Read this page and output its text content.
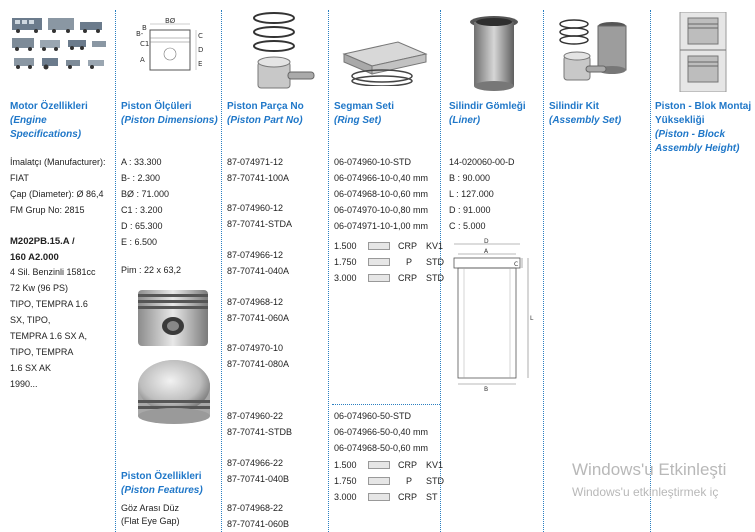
Motor Özellikleri
(Engine Specifications)
İmalatçı (Manufacturer):
FIAT
Çap (Diameter): Ø 86,4
FM Grup No: 2815
M202PB.15.A /
160 A2.000
4 Sil. Benzinli 1581cc
72 Kw (96 PS)
TIPO, TEMPRA 1.6
SX, TIPO,
TEMPRA 1.6 SX A,
TIPO, TEMPRA
1.6 SX AK
1990...
BØ
B-
C1
C
D
A	E
B
Piston Ölçüleri
(Piston Dimensions)
A : 33.300
B- : 2.300
BØ : 71.000
C1 : 3.200
D : 65.300
E : 6.500
Pim : 22 x 63,2
Piston Özellikleri
(Piston Features)
Göz Arası Düz
(Flat Eye Gap)
Piston Parça No
(Piston Part No)
87-074971-12
87-70741-100A
87-074960-12
87-70741-STDA
87-074966-12
87-70741-040A
87-074968-12
87-70741-060A
87-074970-10
87-70741-080A
87-074960-22
87-70741-STDB
87-074966-22
87-70741-040B
87-074968-22
87-70741-060B
Segman Seti
(Ring Set)
06-074960-10-STD
06-074966-10-0,40 mm
06-074968-10-0,60 mm
06-074970-10-0,80 mm
06-074971-10-1,00 mm
1.500	CRP KV1
1.750	P	STD
3.000	CRP STD
06-074960-50-STD
06-074966-50-0,40 mm
06-074968-50-0,60 mm
1.500	CRP KV1
1.750	P	STD
3.000	CRP ST
Silindir Gömleği
(Liner)
14-020060-00-D
B : 90.000
L : 127.000
D : 91.000
C : 5.000
D
A
C
L
B
Silindir Kit
(Assembly Set)
Piston - Blok Montaj
Yüksekliği
(Piston - Block
Assembly Height)
Windows'u Etkinleşti
Windows'u etkinleştirmek iç
